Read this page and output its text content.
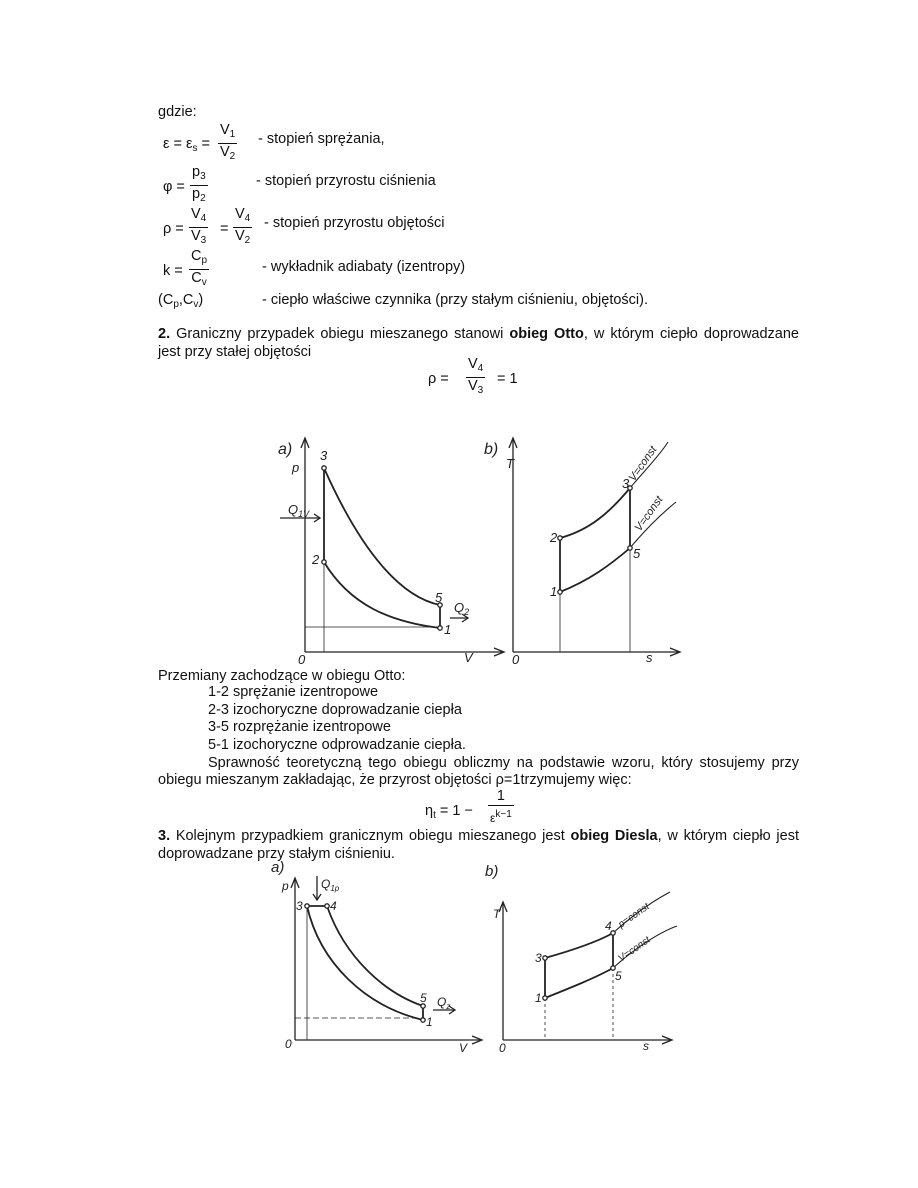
gdzie:
$\varepsilon = \varepsilon_s = \frac{V_1}{V_2}$ - stopień sprężania,
$\varphi = \frac{p_3}{p_2}$	- stopień przyrostu ciśnienia
$\rho = \frac{V_4}{V_3} = \frac{V_4}{V_2}$ - stopień przyrostu objętości
$k = \frac{C_p}{C_v}$	- wykładnik adiabaty (izentropy)
$(C_p,C_v)$	- ciepło właściwe czynnika (przy stałym ciśnieniu, objętości).
2. Graniczny przypadek obiegu mieszanego stanowi obieg Otto, w którym ciepło doprowadzane jest przy stałej objętości
$\rho = \frac{V_4}{V_3} = 1$
a)
p
$Q_{1V}$
3
2
5
1
$Q_2$
V
0
b)
T
2
1
3
5
0	s
V=const
V=const
Przemiany zachodzące w obiegu Otto:
1-2 sprężanie izentropowe
2-3 izochoryczne doprowadzanie ciepła
3-5 rozprężanie izentropowe
5-1 izochoryczne odprowadzanie ciepła.
Sprawność teoretyczną tego obiegu obliczmy na podstawie wzoru, który stosujemy przy
obiegu mieszanym zakładając, że przyrost objętości ρ=1trzymujemy więc:
$\eta_t = 1$ −
1
$\varepsilon^{k-1}$
3. Kolejnym przypadkiem granicznym obiegu mieszanego jest obieg Diesla, w którym ciepło jest doprowadzane przy stałym ciśnieniu.
a)
p	$Q_{1p}$
3 4
5
1
$Q_z$
V
0
b)
T
3
1
4
5
0	s
p=const
V=const
